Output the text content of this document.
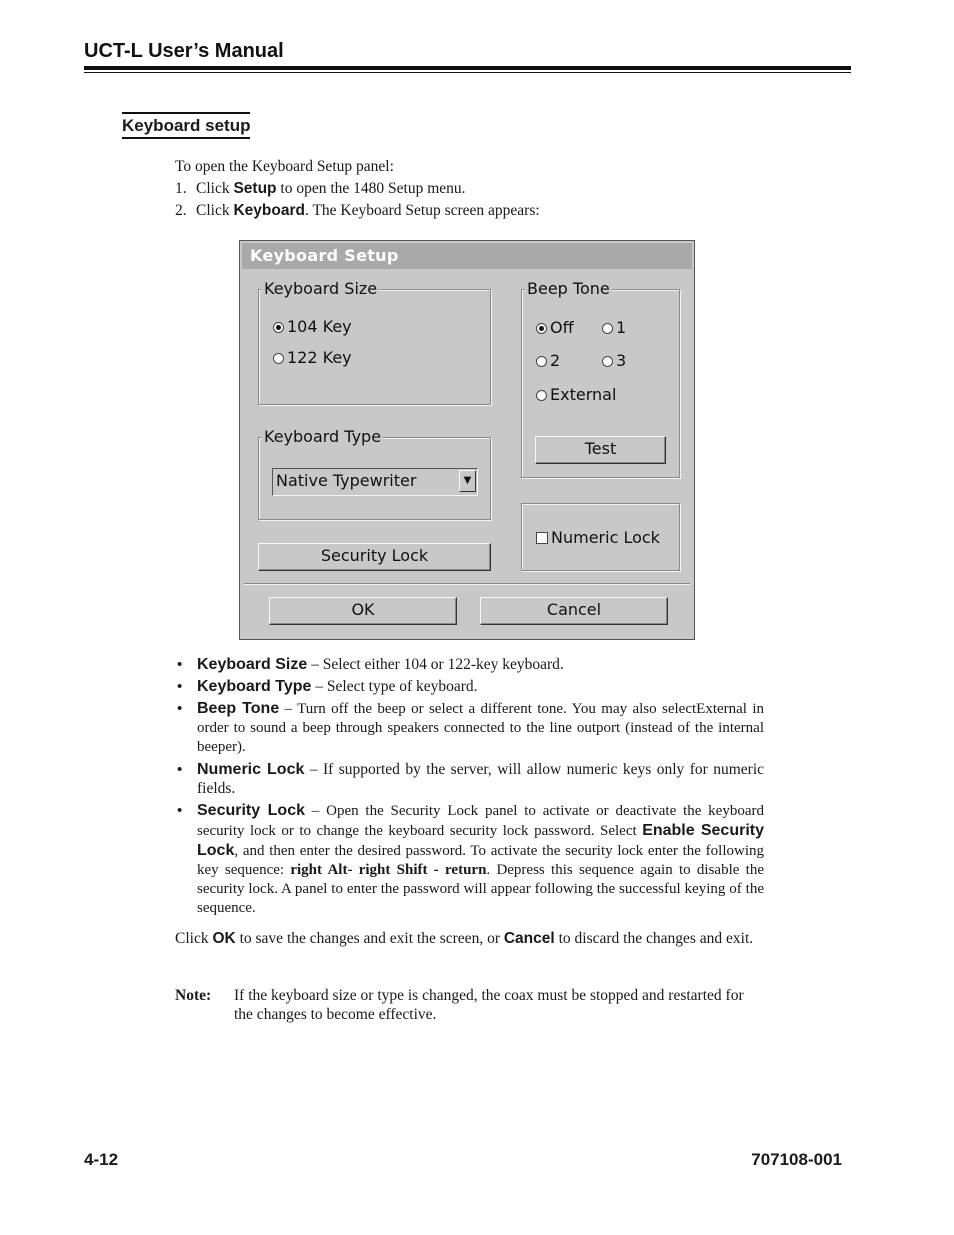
UCT-L User’s Manual
Keyboard setup
To open the Keyboard Setup panel:
1. Click Setup to open the 1480 Setup menu.
2. Click Keyboard. The Keyboard Setup screen appears:
Keyboard Setup
Keyboard Size
104 Key
122 Key
Beep Tone
Off	1
2	3
External
Test
Keyboard Type
Native Typewriter	▼
Numeric Lock
Security Lock
OK	Cancel
• Keyboard Size – Select either 104 or 122-key keyboard.
• Keyboard Type – Select type of keyboard.
• Beep Tone – Turn off the beep or select a different tone. You may also selectExternal in order to sound a beep through speakers connected to the line outport (instead of the internal beeper).
• Numeric Lock – If supported by the server, will allow numeric keys only for numeric fields.
• Security Lock – Open the Security Lock panel to activate or deactivate the keyboard security lock or to change the keyboard security lock password. Select Enable Security Lock, and then enter the desired password. To activate the security lock enter the following key sequence: right Alt- right Shift - return. Depress this sequence again to disable the security lock. A panel to enter the password will appear following the successful keying of the sequence.
Click OK to save the changes and exit the screen, or Cancel to discard the changes and exit.
Note: If the keyboard size or type is changed, the coax must be stopped and restarted for the changes to become effective.
4-12	707108-001
